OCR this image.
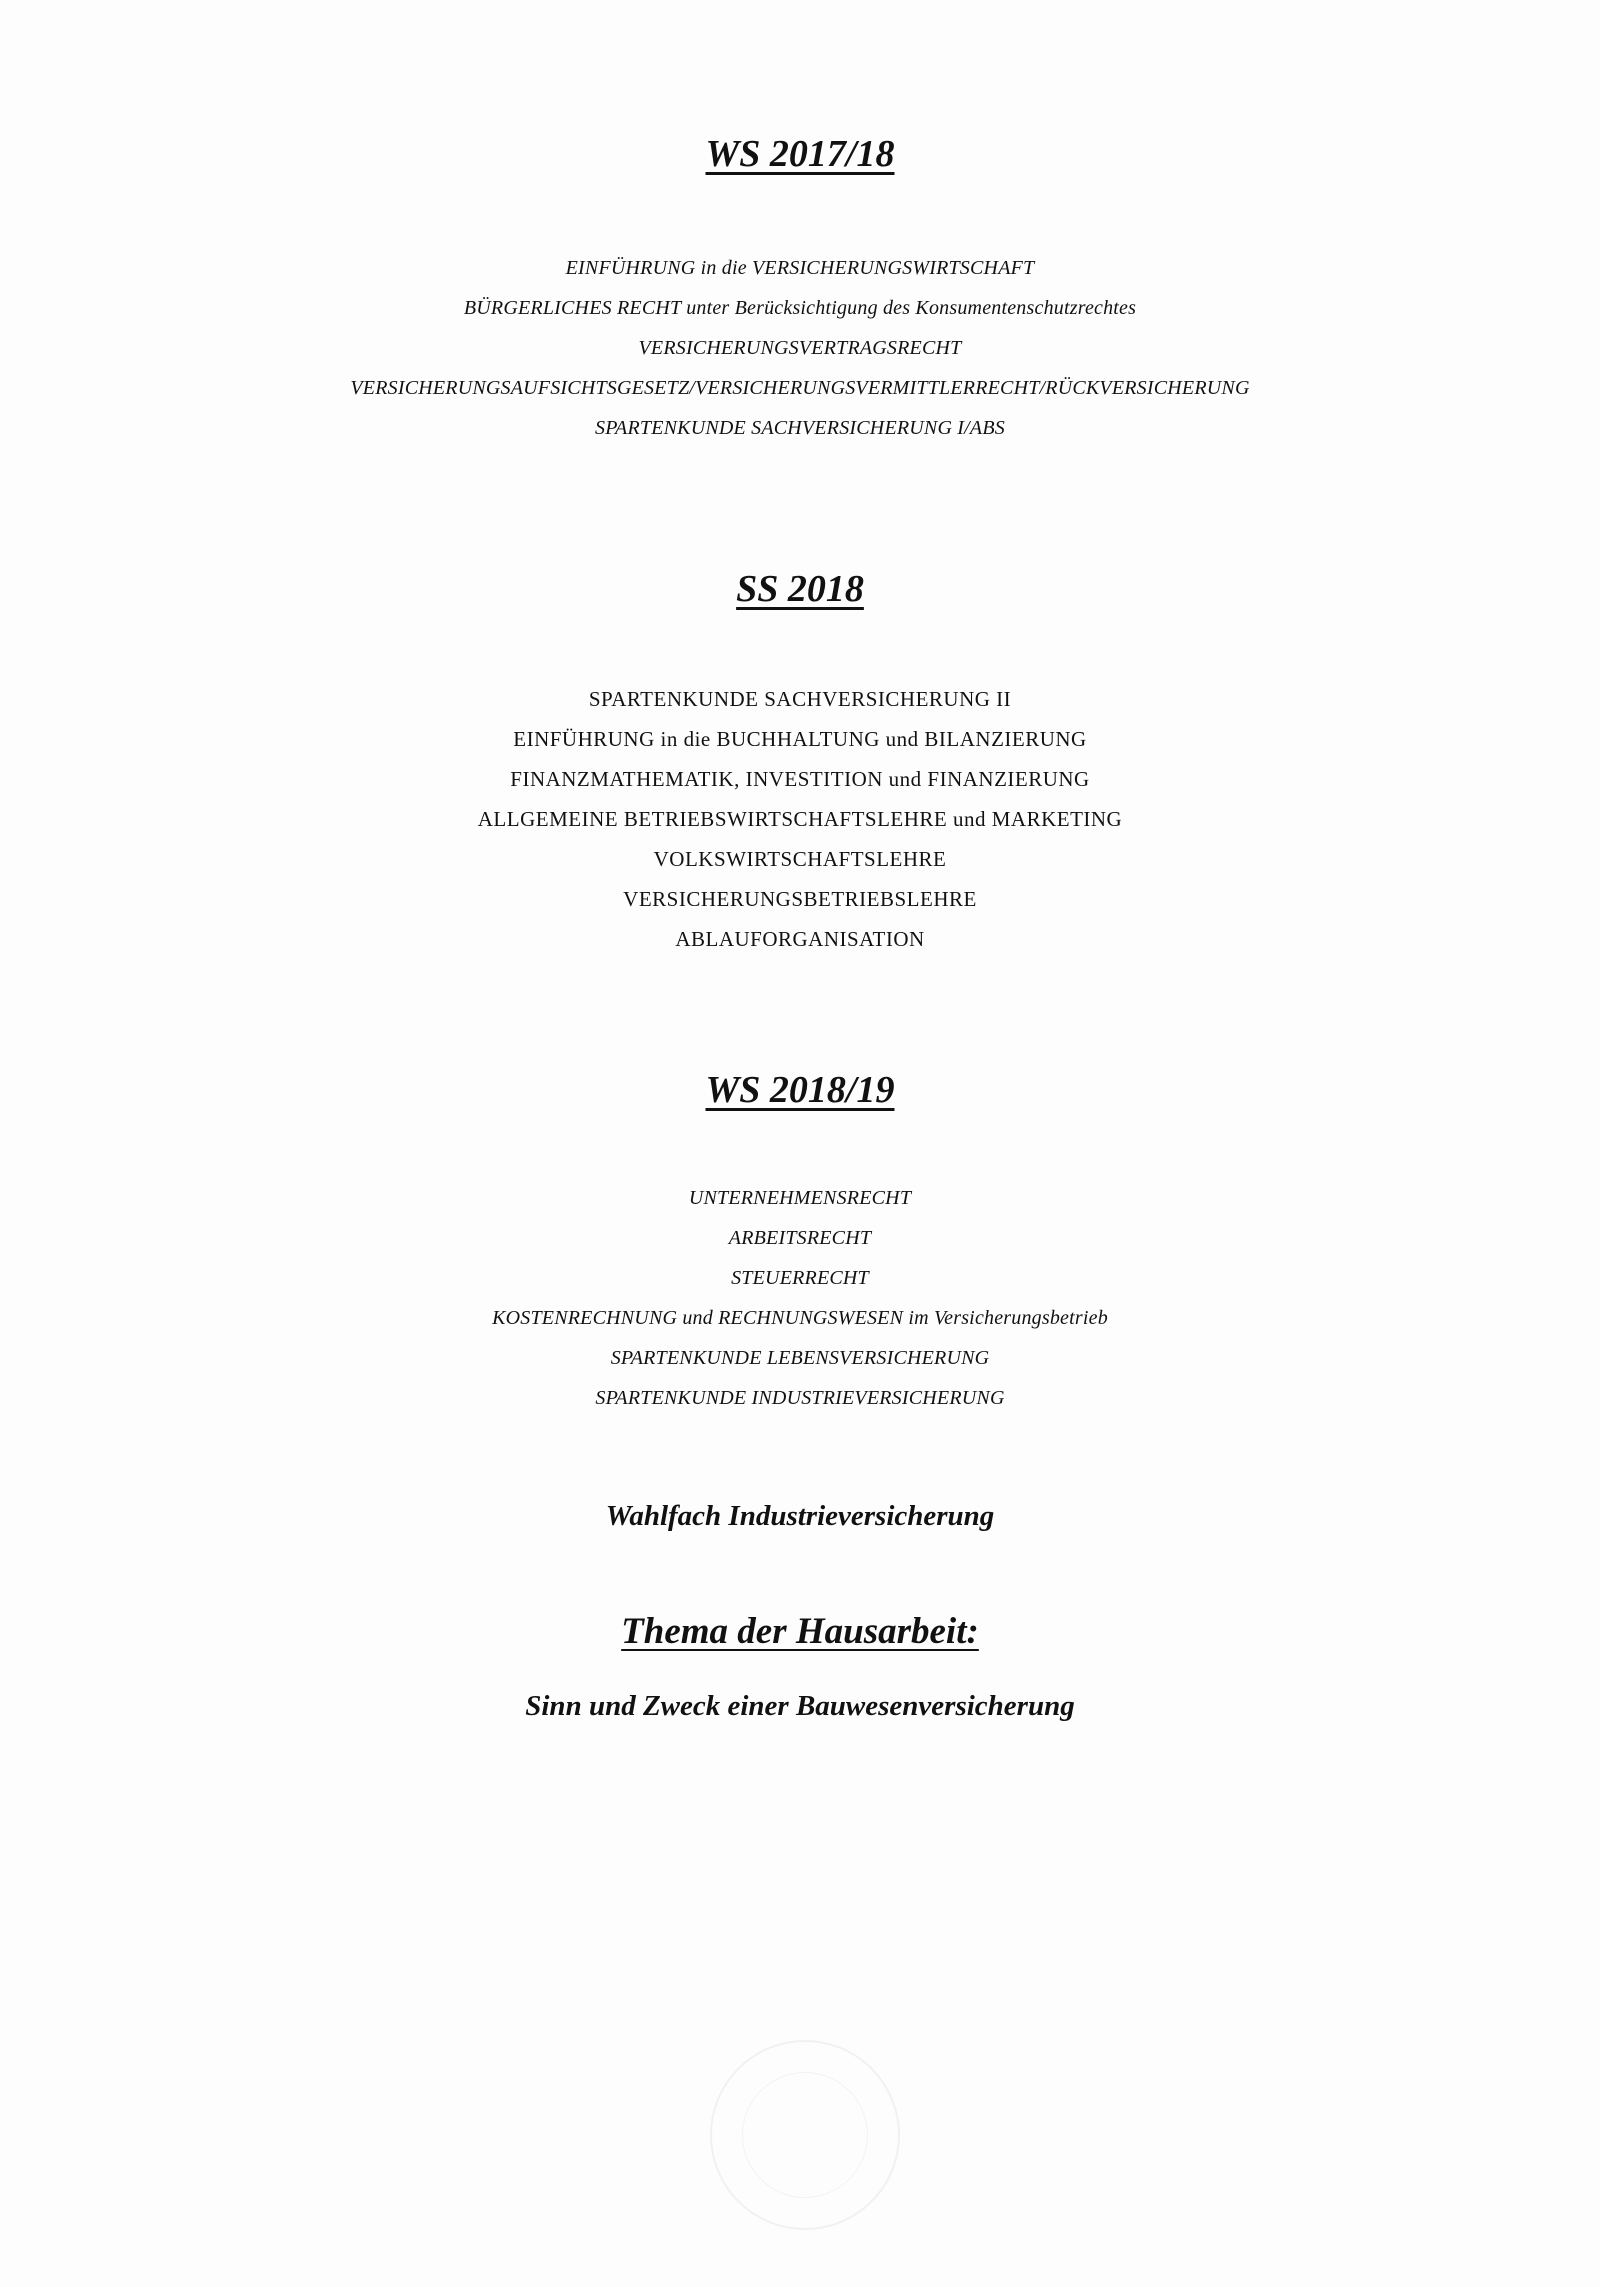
WS 2017/18
EINFÜHRUNG in die VERSICHERUNGSWIRTSCHAFT
BÜRGERLICHES RECHT unter Berücksichtigung des Konsumentenschutzrechtes
VERSICHERUNGSVERTRAGSRECHT
VERSICHERUNGSAUFSICHTSGESETZ/VERSICHERUNGSVERMITTLERRECHT/RÜCKVERSICHERUNG
SPARTENKUNDE SACHVERSICHERUNG I/ABS
SS 2018
SPARTENKUNDE SACHVERSICHERUNG II
EINFÜHRUNG in die BUCHHALTUNG und BILANZIERUNG
FINANZMATHEMATIK, INVESTITION und FINANZIERUNG
ALLGEMEINE BETRIEBSWIRTSCHAFTSLEHRE und MARKETING
VOLKSWIRTSCHAFTSLEHRE
VERSICHERUNGSBETRIEBSLEHRE
ABLAUFORGANISATION
WS 2018/19
UNTERNEHMENSRECHT
ARBEITSRECHT
STEUERRECHT
KOSTENRECHNUNG und RECHNUNGSWESEN im Versicherungsbetrieb
SPARTENKUNDE LEBENSVERSICHERUNG
SPARTENKUNDE INDUSTRIEVERSICHERUNG

Wahlfach Industrieversicherung

Thema der Hausarbeit:

Sinn und Zweck einer Bauwesenversicherung
